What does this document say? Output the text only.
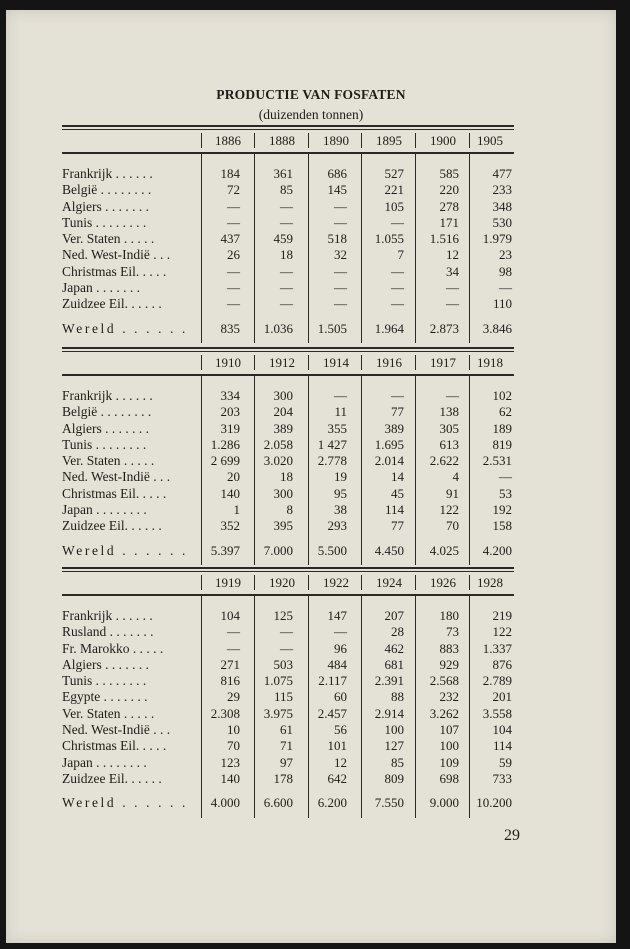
PRODUCTIE VAN FOSFATEN
(duizenden tonnen)
1886	1888	1890	1895	1900	1905
Frankrijk . . . . . .	184	361	686	527	585	477
België . . . . . . . .	72	85	145	221	220	233
Algiers . . . . . . .	—	—	—	105	278	348
Tunis . . . . . . . .	—	—	—	—	171	530
Ver. Staten . . . . .	437	459	518	1.055	1.516	1.979
Ned. West-Indië . . .	26	18	32	7	12	23
Christmas Eil. . . . .	—	—	—	—	34	98
Japan . . . . . . .	—	—	—	—	—	—
Zuidzee Eil. . . . . .	—	—	—	—	—	110
Wereld . . . . . .	835	1.036	1.505	1.964	2.873	3.846
1910	1912	1914	1916	1917	1918
Frankrijk . . . . . .	334	300	—	—	—	102
België . . . . . . . .	203	204	11	77	138	62
Algiers . . . . . . .	319	389	355	389	305	189
Tunis . . . . . . . .	1.286	2.058	1 427	1.695	613	819
Ver. Staten . . . . .	2 699	3.020	2.778	2.014	2.622	2.531
Ned. West-Indië . . .	20	18	19	14	4	—
Christmas Eil. . . . .	140	300	95	45	91	53
Japan . . . . . . . .	1	8	38	114	122	192
Zuidzee Eil. . . . . .	352	395	293	77	70	158
Wereld . . . . . .	5.397	7.000	5.500	4.450	4.025	4.200
1919	1920	1922	1924	1926	1928
Frankrijk . . . . . .	104	125	147	207	180	219
Rusland . . . . . . .	—	—	—	28	73	122
Fr. Marokko . . . . .	—	—	96	462	883	1.337
Algiers . . . . . . .	271	503	484	681	929	876
Tunis . . . . . . . .	816	1.075	2.117	2.391	2.568	2.789
Egypte . . . . . . .	29	115	60	88	232	201
Ver. Staten . . . . .	2.308	3.975	2.457	2.914	3.262	3.558
Ned. West-Indië . . .	10	61	56	100	107	104
Christmas Eil. . . . .	70	71	101	127	100	114
Japan . . . . . . . .	123	97	12	85	109	59
Zuidzee Eil. . . . . .	140	178	642	809	698	733
Wereld . . . . . .	4.000	6.600	6.200	7.550	9.000	10.200
29
